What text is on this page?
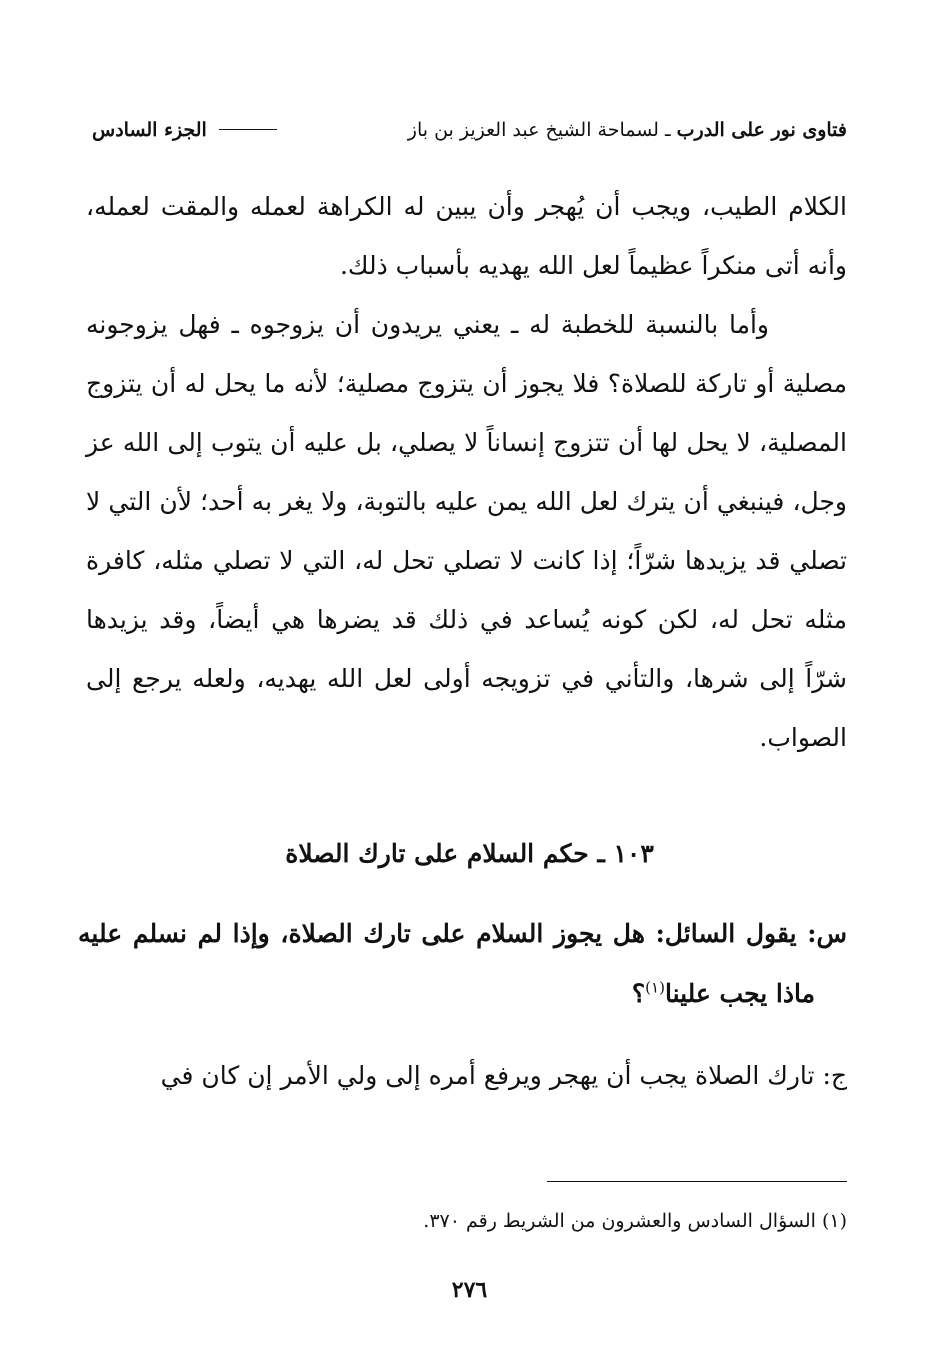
فتاوى نور على الدرب ـ لسماحة الشيخ عبد العزيز بن باز
الجزء السادس

الكلام الطيب، ويجب أن يُهجر وأن يبين له الكراهة لعمله والمقت لعمله، وأنه أتى منكراً عظيماً لعل الله يهديه بأسباب ذلك.

وأما بالنسبة للخطبة له ـ يعني يريدون أن يزوجوه ـ فهل يزوجونه مصلية أو تاركة للصلاة؟ فلا يجوز أن يتزوج مصلية؛ لأنه ما يحل له أن يتزوج المصلية، لا يحل لها أن تتزوج إنساناً لا يصلي، بل عليه أن يتوب إلى الله عز وجل، فينبغي أن يترك لعل الله يمن عليه بالتوبة، ولا يغر به أحد؛ لأن التي لا تصلي قد يزيدها شرّاً؛ إذا كانت لا تصلي تحل له، التي لا تصلي مثله، كافرة مثله تحل له، لكن كونه يُساعد في ذلك قد يضرها هي أيضاً، وقد يزيدها شرّاً إلى شرها، والتأني في تزويجه أولى لعل الله يهديه، ولعله يرجع إلى الصواب.

١٠٣ ـ حكم السلام على تارك الصلاة
س: يقول السائل: هل يجوز السلام على تارك الصلاة، وإذا لم نسلم عليه ماذا يجب علينا$^{(١)}$؟
ج: تارك الصلاة يجب أن يهجر ويرفع أمره إلى ولي الأمر إن كان في
(١) السؤال السادس والعشرون من الشريط رقم ٣٧٠.
٢٧٦
